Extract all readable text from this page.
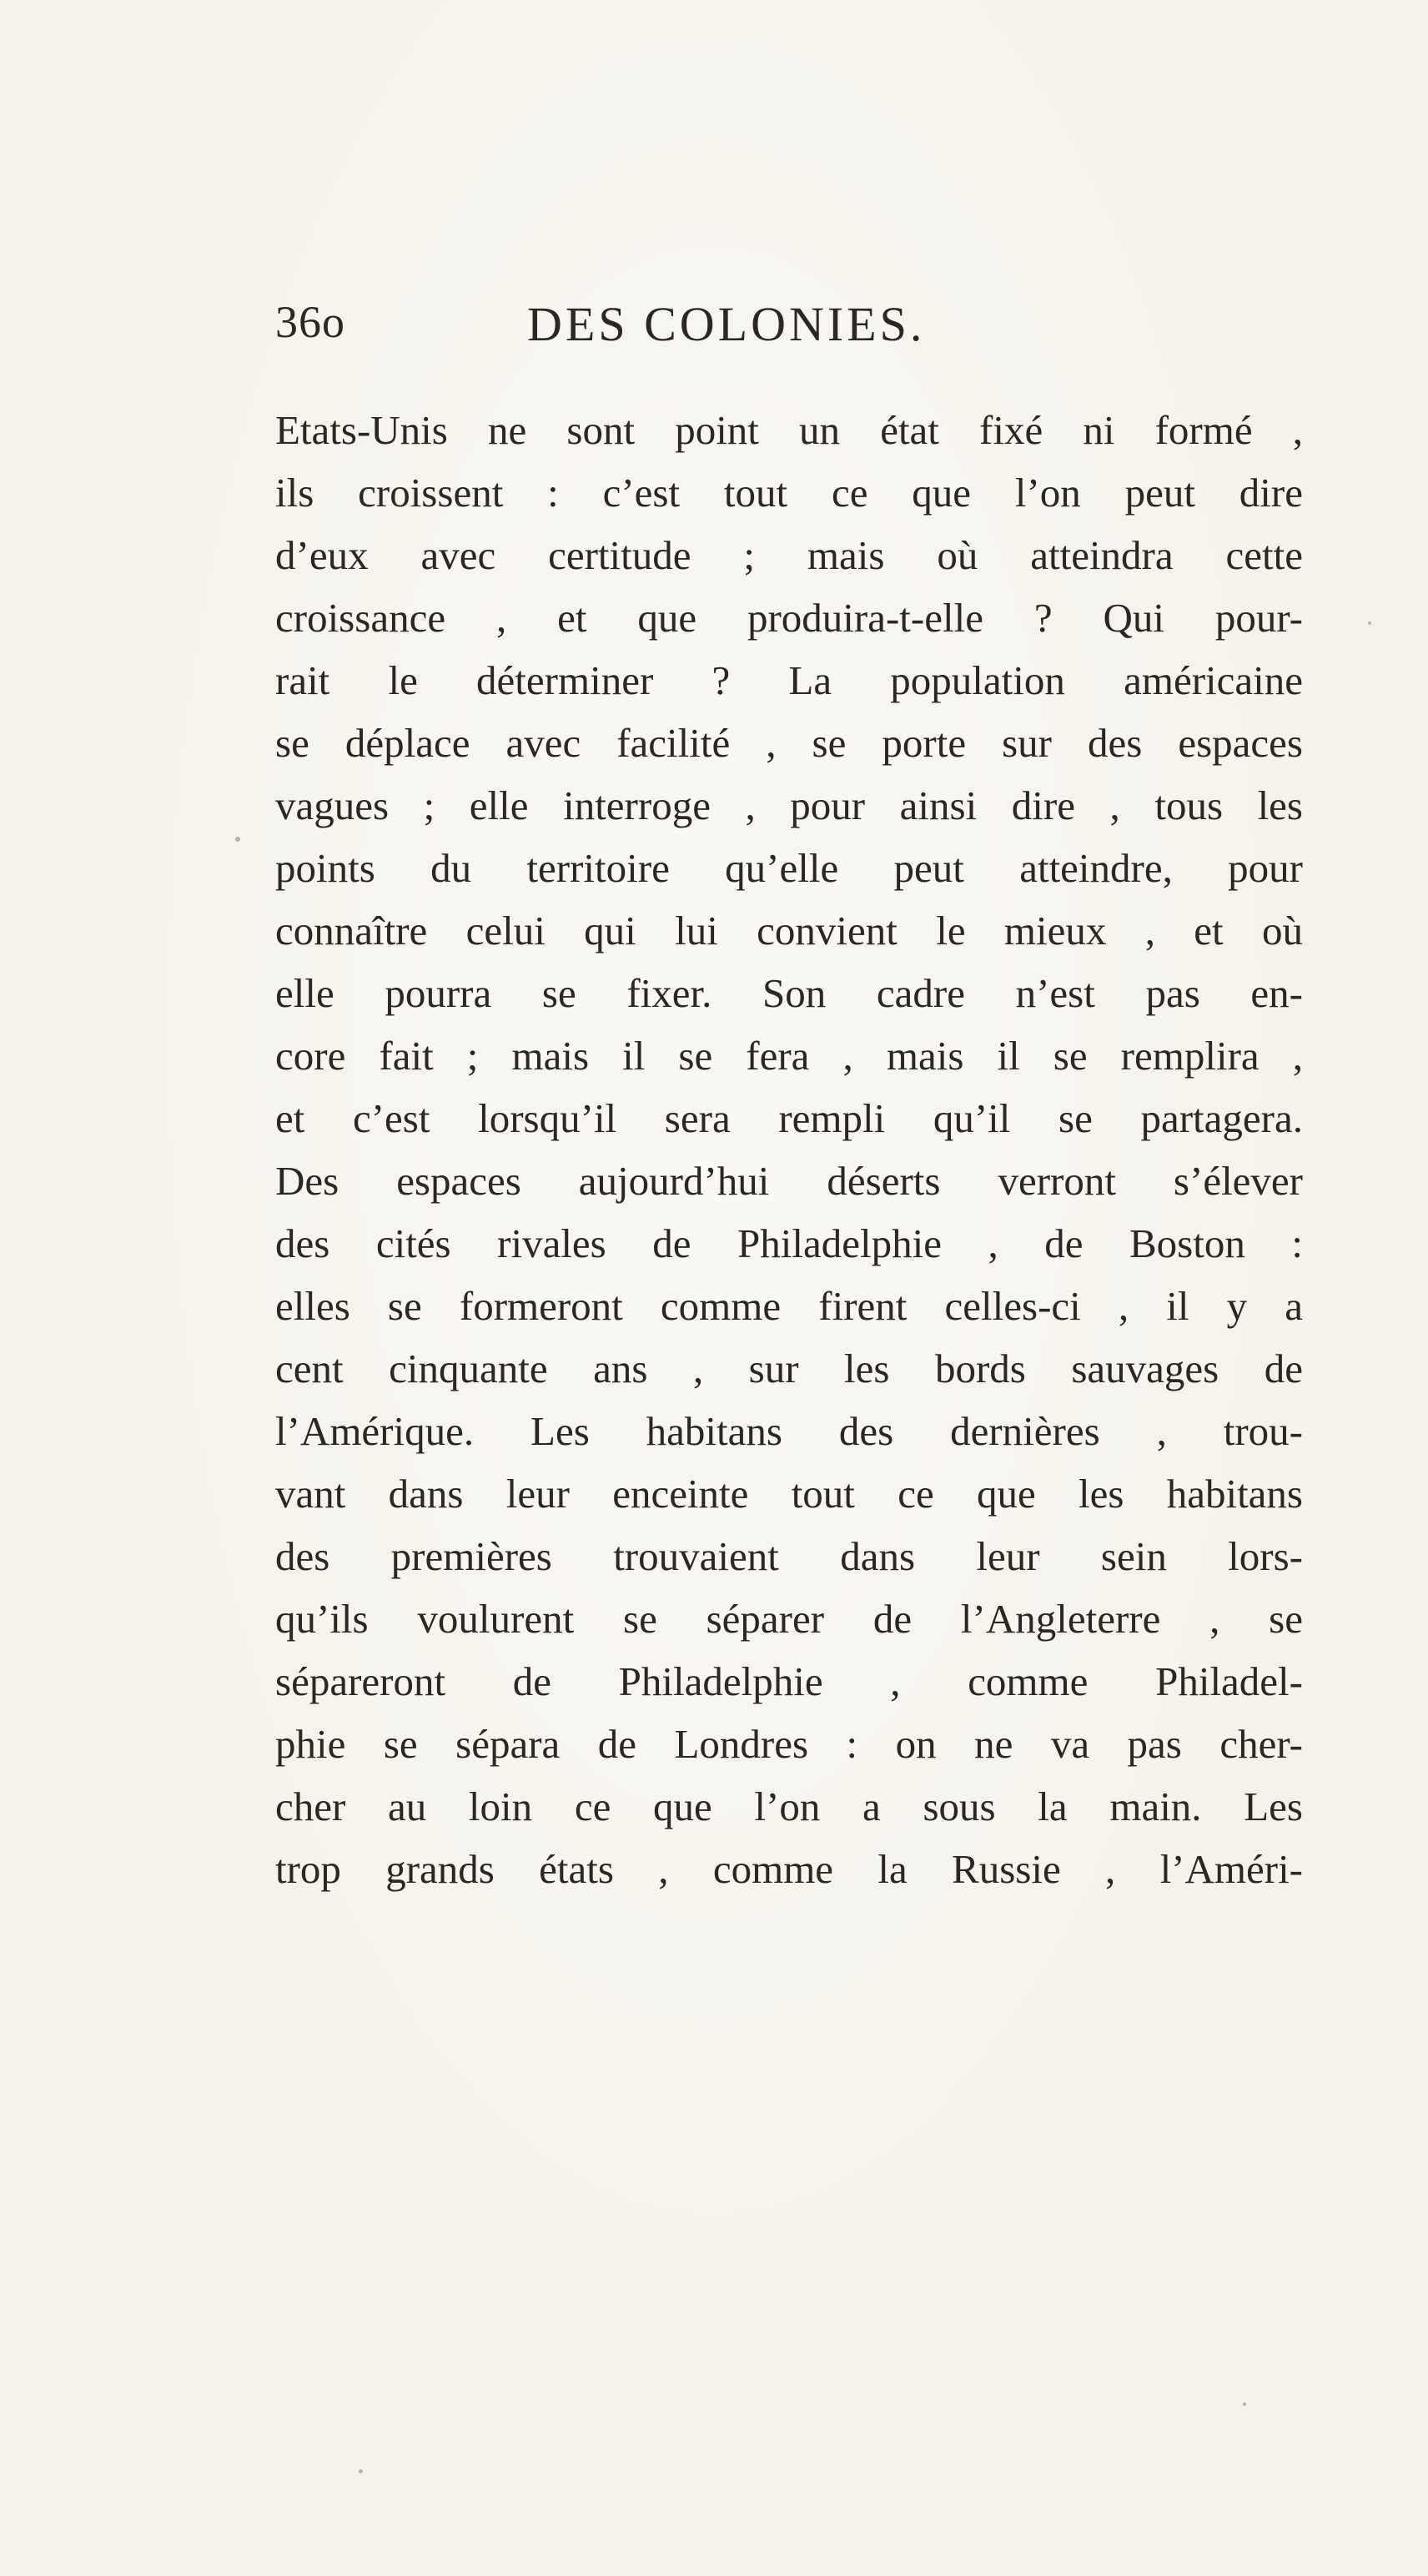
36o	DES COLONIES.
Etats-Unis ne sont point un état fixé ni formé ,
ils croissent : c’est tout ce que l’on peut dire
d’eux avec certitude ; mais où atteindra cette
croissance , et que produira-t-elle ? Qui pour-
rait le déterminer ? La population américaine
se déplace avec facilité , se porte sur des espaces
vagues ; elle interroge , pour ainsi dire , tous les
points du territoire qu’elle peut atteindre, pour
connaître celui qui lui convient le mieux , et où
elle pourra se fixer. Son cadre n’est pas en-
core fait ; mais il se fera , mais il se remplira ,
et c’est lorsqu’il sera rempli qu’il se partagera.
Des espaces aujourd’hui déserts verront s’élever
des cités rivales de Philadelphie , de Boston :
elles se formeront comme firent celles-ci , il y a
cent cinquante ans , sur les bords sauvages de
l’Amérique. Les habitans des dernières , trou-
vant dans leur enceinte tout ce que les habitans
des premières trouvaient dans leur sein lors-
qu’ils voulurent se séparer de l’Angleterre , se
sépareront de Philadelphie , comme Philadel-
phie se sépara de Londres : on ne va pas cher-
cher au loin ce que l’on a sous la main. Les
trop grands états , comme la Russie , l’Améri-
